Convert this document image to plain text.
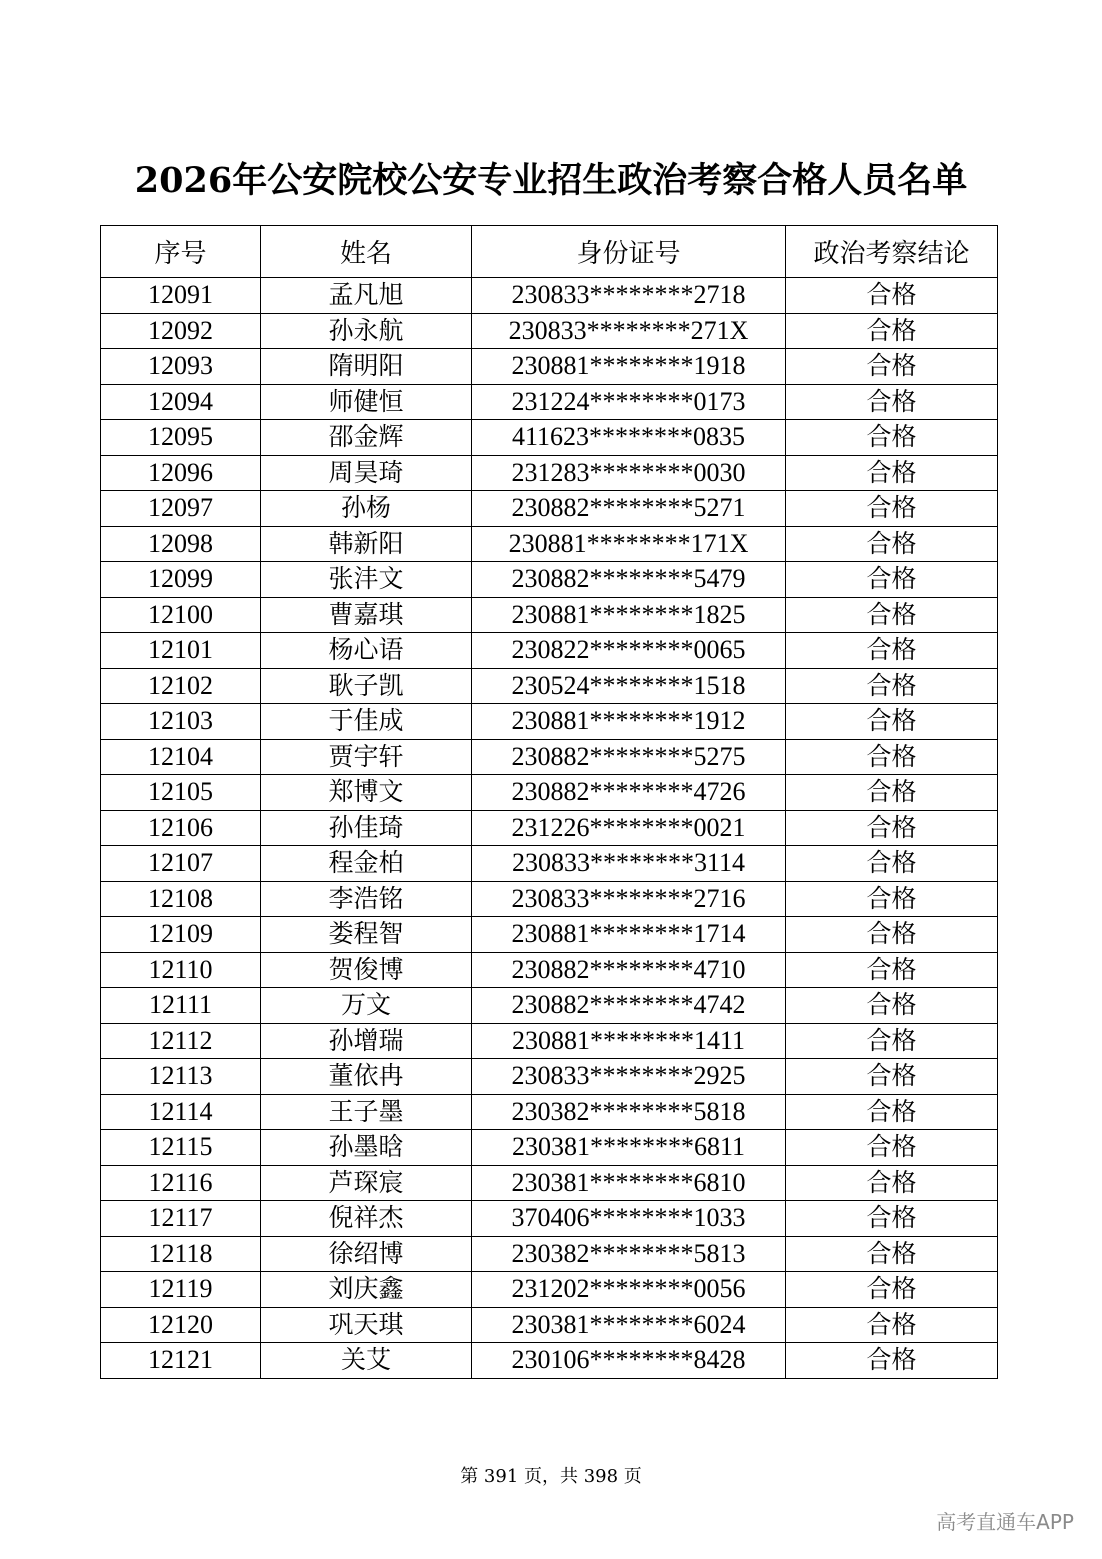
2026年公安院校公安专业招生政治考察合格人员名单
序号	姓名	身份证号	政治考察结论
12091	孟凡旭	230833********2718	合格
12092	孙永航	230833********271X	合格
12093	隋明阳	230881********1918	合格
12094	师健恒	231224********0173	合格
12095	邵金辉	411623********0835	合格
12096	周昊琦	231283********0030	合格
12097	孙杨	230882********5271	合格
12098	韩新阳	230881********171X	合格
12099	张沣文	230882********5479	合格
12100	曹嘉琪	230881********1825	合格
12101	杨心语	230822********0065	合格
12102	耿子凯	230524********1518	合格
12103	于佳成	230881********1912	合格
12104	贾宇轩	230882********5275	合格
12105	郑博文	230882********4726	合格
12106	孙佳琦	231226********0021	合格
12107	程金柏	230833********3114	合格
12108	李浩铭	230833********2716	合格
12109	娄程智	230881********1714	合格
12110	贺俊博	230882********4710	合格
12111	万文	230882********4742	合格
12112	孙增瑞	230881********1411	合格
12113	董依冉	230833********2925	合格
12114	王子墨	230382********5818	合格
12115	孙墨晗	230381********6811	合格
12116	芦琛宸	230381********6810	合格
12117	倪祥杰	370406********1033	合格
12118	徐绍博	230382********5813	合格
12119	刘庆鑫	231202********0056	合格
12120	巩天琪	230381********6024	合格
12121	关艾	230106********8428	合格
第 391 页，共 398 页
高考直通车APP
